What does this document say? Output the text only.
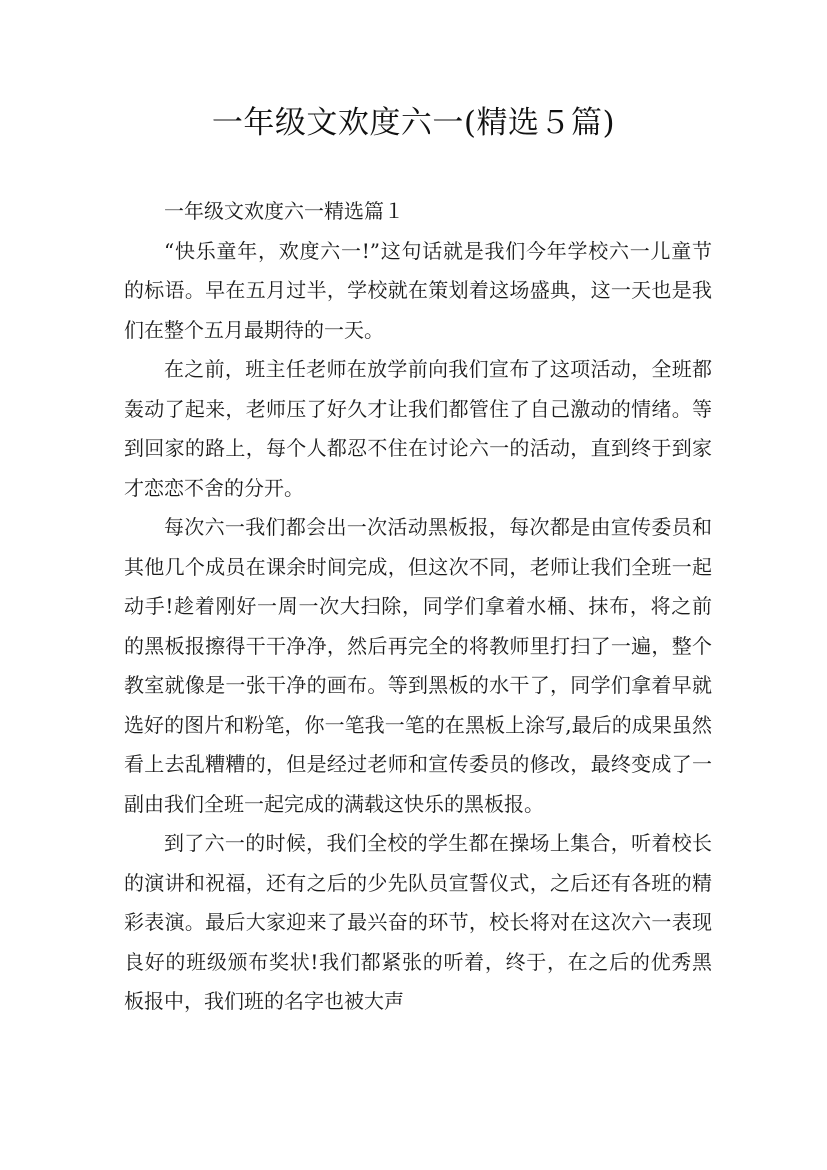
一年级文欢度六一(精选５篇)

一年级文欢度六一精选篇１

“快乐童年，欢度六一!”这句话就是我们今年学校六一儿童节的标语。早在五月过半，学校就在策划着这场盛典，这一天也是我们在整个五月最期待的一天。

在之前，班主任老师在放学前向我们宣布了这项活动，全班都轰动了起来，老师压了好久才让我们都管住了自己激动的情绪。等到回家的路上，每个人都忍不住在讨论六一的活动，直到终于到家才恋恋不舍的分开。

每次六一我们都会出一次活动黑板报，每次都是由宣传委员和其他几个成员在课余时间完成，但这次不同，老师让我们全班一起动手!趁着刚好一周一次大扫除，同学们拿着水桶、抹布，将之前的黑板报擦得干干净净，然后再完全的将教师里打扫了一遍，整个教室就像是一张干净的画布。等到黑板的水干了，同学们拿着早就选好的图片和粉笔，你一笔我一笔的在黑板上涂写,最后的成果虽然看上去乱糟糟的，但是经过老师和宣传委员的修改，最终变成了一副由我们全班一起完成的满载这快乐的黑板报。

到了六一的时候，我们全校的学生都在操场上集合，听着校长的演讲和祝福，还有之后的少先队员宣誓仪式，之后还有各班的精彩表演。最后大家迎来了最兴奋的环节，校长将对在这次六一表现良好的班级颁布奖状!我们都紧张的听着，终于，在之后的优秀黑板报中，我们班的名字也被大声
